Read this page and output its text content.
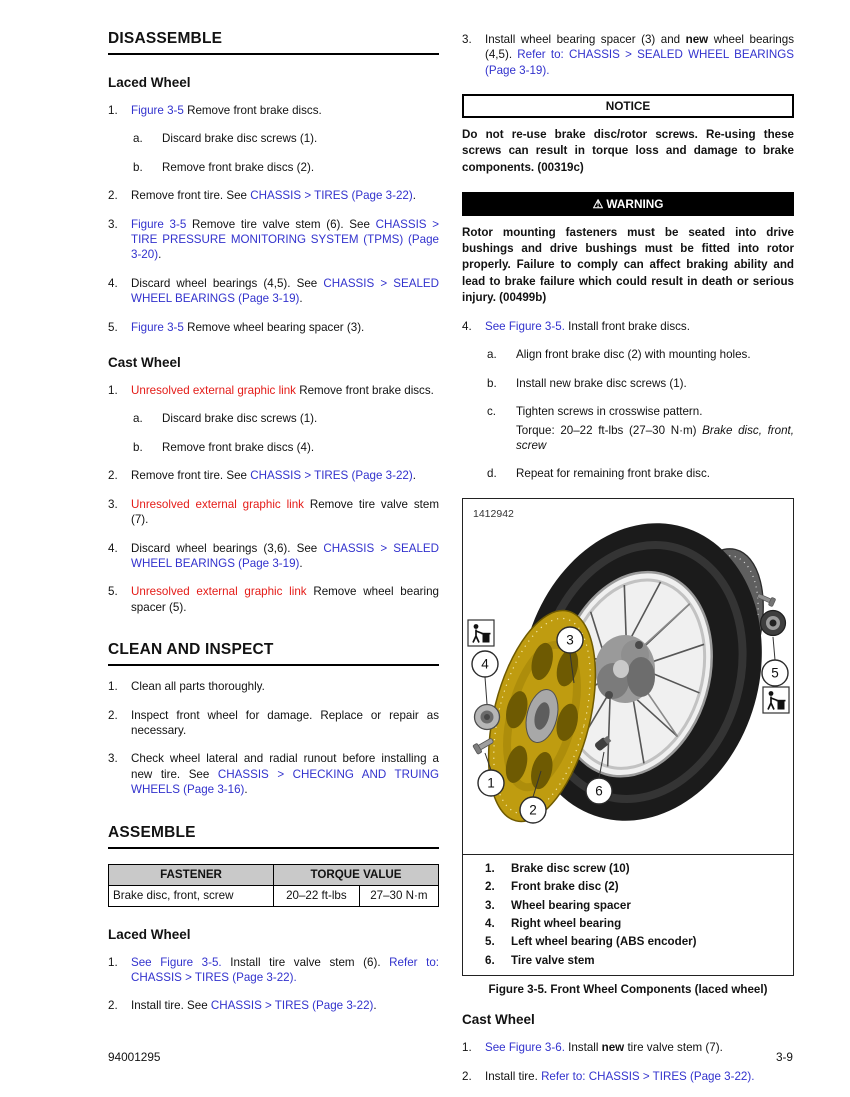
DISASSEMBLE
Laced Wheel
1.	Figure 3-5 Remove front brake discs.
a.	Discard brake disc screws (1).
b.	Remove front brake discs (2).
2.	Remove front tire. See CHASSIS > TIRES (Page 3-22).
3.	Figure 3-5 Remove tire valve stem (6). See CHASSIS > TIRE PRESSURE MONITORING SYSTEM (TPMS) (Page 3-20).
4.	Discard wheel bearings (4,5). See CHASSIS > SEALED WHEEL BEARINGS (Page 3-19).
5.	Figure 3-5 Remove wheel bearing spacer (3).
Cast Wheel
1.	Unresolved external graphic link Remove front brake discs.
a.	Discard brake disc screws (1).
b.	Remove front brake discs (4).
2.	Remove front tire. See CHASSIS > TIRES (Page 3-22).
3.	Unresolved external graphic link Remove tire valve stem (7).
4.	Discard wheel bearings (3,6). See CHASSIS > SEALED WHEEL BEARINGS (Page 3-19).
5.	Unresolved external graphic link Remove wheel bearing spacer (5).
CLEAN AND INSPECT
1.	Clean all parts thoroughly.
2.	Inspect front wheel for damage. Replace or repair as necessary.
3.	Check wheel lateral and radial runout before installing a new tire. See CHASSIS > CHECKING AND TRUING WHEELS (Page 3-16).
ASSEMBLE
FASTENER	TORQUE VALUE	
Brake disc, front, screw	20–22 ft-lbs	27–30 N·m
Laced Wheel
1.	See Figure 3-5. Install tire valve stem (6). Refer to: CHASSIS > TIRES (Page 3-22).
2.	Install tire. See CHASSIS > TIRES (Page 3-22).
3.	Install wheel bearing spacer (3) and new wheel bearings (4,5). Refer to: CHASSIS > SEALED WHEEL BEARINGS (Page 3-19).
NOTICE

Do not re-use brake disc/rotor screws. Re-using these screws can result in torque loss and damage to brake components. (00319c)

⚠ WARNING

Rotor mounting fasteners must be seated into drive bushings and drive bushings must be fitted into rotor properly. Failure to comply can affect braking ability and lead to brake failure which could result in death or serious injury. (00499b)

4.	See Figure 3-5. Install front brake discs.
a.	Align front brake disc (2) with mounting holes.
b.	Install new brake disc screws (1).
c.	Tighten screws in crosswise pattern.
Torque: 20–22 ft-lbs (27–30 N·m) Brake disc, front, screw
d.	Repeat for remaining front brake disc.
1412942
1
2
3
4
5
6
1.	Brake disc screw (10)
2.	Front brake disc (2)
3.	Wheel bearing spacer
4.	Right wheel bearing
5.	Left wheel bearing (ABS encoder)
6.	Tire valve stem
Figure 3-5. Front Wheel Components (laced wheel)
Cast Wheel
1.	See Figure 3-6. Install new tire valve stem (7).
2.	Install tire. Refer to: CHASSIS > TIRES (Page 3-22).
94001295	3-9
